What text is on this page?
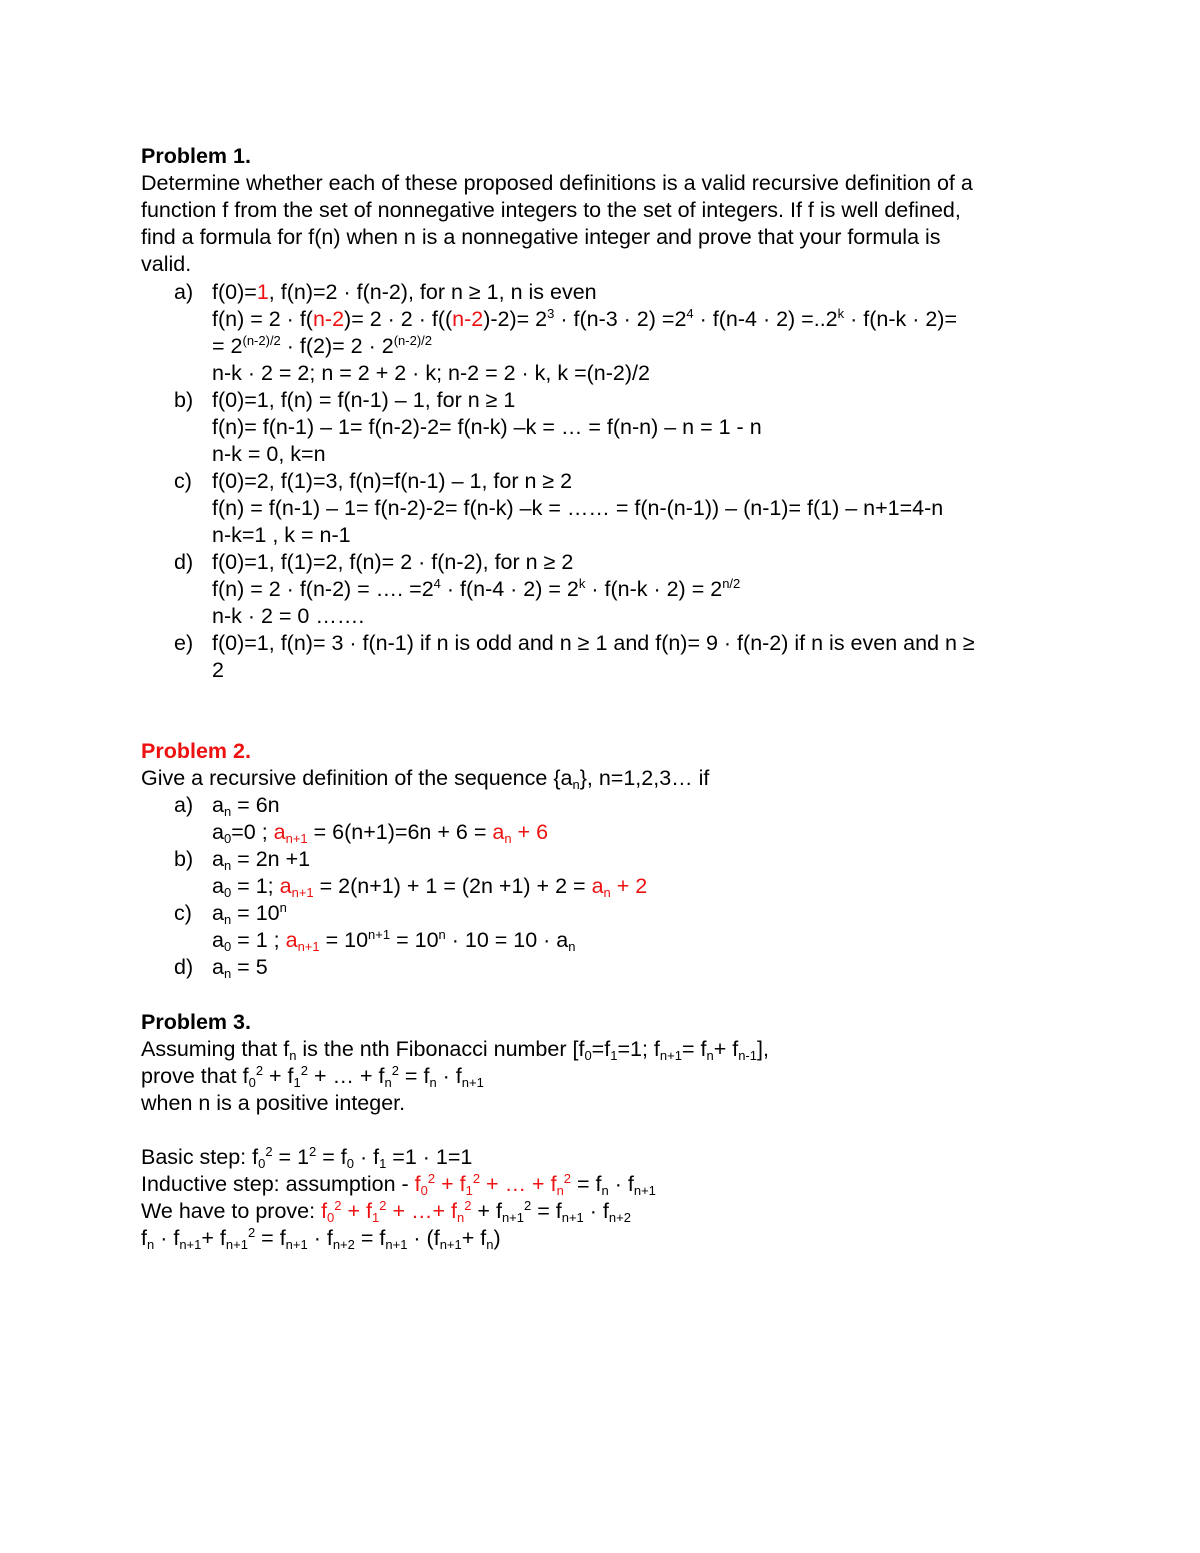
Problem 1.
Determine whether each of these proposed definitions is a valid recursive definition of a
function f from the set of nonnegative integers to the set of integers. If f is well defined,
find a formula for f(n) when n is a nonnegative integer and prove that your formula is
valid.
a) f(0)=1, f(n)=2 · f(n-2), for n ≥ 1, n is even
$f(n) = 2 \cdot f(n-2)= 2 \cdot 2 \cdot f((n-2)-2)= 2^3 \cdot f(n-3 \cdot 2) =2^4 \cdot f(n-4 \cdot 2) =..2^k \cdot f(n-k \cdot 2)=$
= $2^{(n-2)/2} \cdot f(2)= 2 \cdot 2^{(n-2)/2}$
n-k · 2 = 2; n = 2 + 2 · k; n-2 = 2 · k, k =(n-2)/2
b) f(0)=1, f(n) = f(n-1) – 1, for n ≥ 1
f(n)= f(n-1) – 1= f(n-2)-2= f(n-k) –k = … = f(n-n) – n = 1 - n
n-k = 0, k=n
c) f(0)=2, f(1)=3, f(n)=f(n-1) – 1, for n ≥ 2
f(n) = f(n-1) – 1= f(n-2)-2= f(n-k) –k = …… = f(n-(n-1)) – (n-1)= f(1) – n+1=4-n
n-k=1 , k = n-1
d) f(0)=1, f(1)=2, f(n)= 2 · f(n-2), for n ≥ 2
f(n) = 2 · f(n-2) = …. $=2^4 \cdot f(n-4 \cdot 2) = 2^k \cdot f(n-k \cdot 2) = 2^{n/2}$
n-k · 2 = 0 …….
e) f(0)=1, f(n)= 3 · f(n-1) if n is odd and n ≥ 1 and f(n)= 9 · f(n-2) if n is even and n ≥
2
Problem 2.
Give a recursive definition of the sequence $\{a_n\}$, n=1,2,3… if
a) $a_n = 6n$
$a_0=0$ ; $a_{n+1} = 6(n+1)=6n + 6 = a_n + 6$
b) $a_n = 2n +1$
$a_0 = 1$; $a_{n+1} = 2(n+1) + 1 = (2n +1) + 2 = a_n + 2$
c) $a_n = 10^n$
$a_0 = 1$ ; $a_{n+1} = 10^{n+1} = 10^n \cdot 10 = 10 \cdot a_n$
d) $a_n = 5$
Problem 3.
Assuming that $f_n$ is the nth Fibonacci number [$f_0=f_1=1$; $f_{n+1}= f_n+ f_{n-1}$],
prove that $f_0^2 + f_1^2$ + … + $f_n^2 = f_n \cdot f_{n+1}$
when n is a positive integer.
Basic step: $f_0^2 = 1^2 = f_0 \cdot f_1 =1 \cdot 1=1$
Inductive step: assumption - $f_0^2 + f_1^2$ + … + $f_n^2 = f_n \cdot f_{n+1}$
We have to prove: $f_0^2 + f_1^2$ + …+ $f_n^2 + f_{n+1}^2 = f_{n+1} \cdot f_{n+2}$
$f_n \cdot f_{n+1}+ f_{n+1}^2 = f_{n+1} \cdot f_{n+2} = f_{n+1} \cdot (f_{n+1}+ f_n)$
